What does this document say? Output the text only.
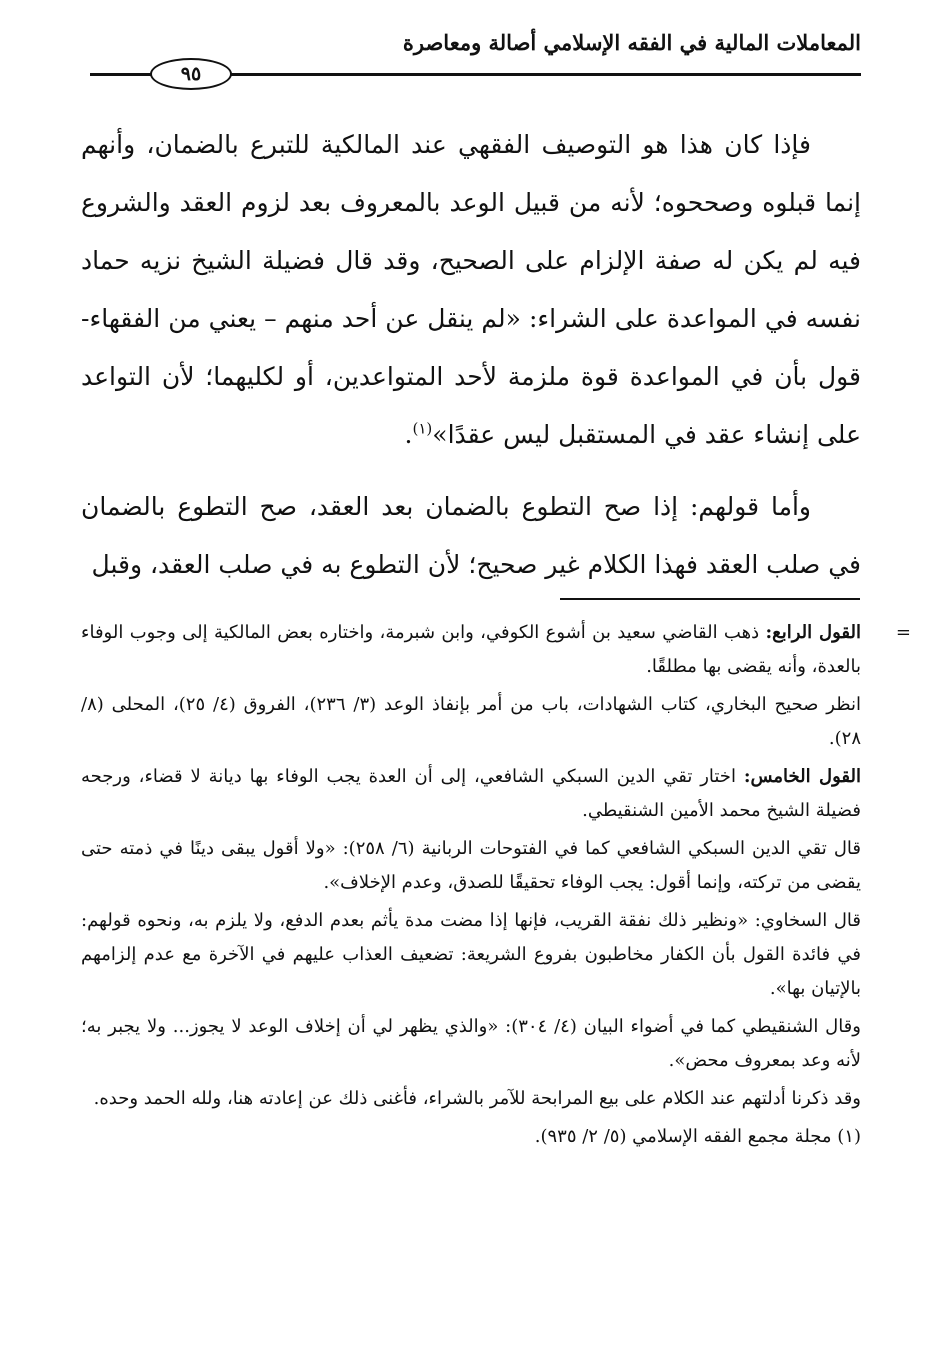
المعاملات المالية في الفقه الإسلامي أصالة ومعاصرة
٩٥

فإذا كان هذا هو التوصيف الفقهي عند المالكية للتبرع بالضمان، وأنهم إنما قبلوه وصححوه؛ لأنه من قبيل الوعد بالمعروف بعد لزوم العقد والشروع فيه لم يكن له صفة الإلزام على الصحيح، وقد قال فضيلة الشيخ نزيه حماد نفسه في المواعدة على الشراء: «لم ينقل عن أحد منهم – يعني من الفقهاء- قول بأن في المواعدة قوة ملزمة لأحد المتواعدين، أو لكليهما؛ لأن التواعد على إنشاء عقد في المستقبل ليس عقدًا»$^{(١)}$.

وأما قولهم: إذا صح التطوع بالضمان بعد العقد، صح التطوع بالضمان في صلب العقد فهذا الكلام غير صحيح؛ لأن التطوع به في صلب العقد، وقبل

=
القول الرابع: ذهب القاضي سعيد بن أشوع الكوفي، وابن شبرمة، واختاره بعض المالكية إلى وجوب الوفاء بالعدة، وأنه يقضى بها مطلقًا.

انظر صحيح البخاري، كتاب الشهادات، باب من أمر بإنفاذ الوعد (٣/ ٢٣٦)، الفروق (٤/ ٢٥)، المحلى (٨/ ٢٨).

القول الخامس: اختار تقي الدين السبكي الشافعي، إلى أن العدة يجب الوفاء بها ديانة لا قضاء، ورجحه فضيلة الشيخ محمد الأمين الشنقيطي.

قال تقي الدين السبكي الشافعي كما في الفتوحات الربانية (٦/ ٢٥٨): «ولا أقول يبقى دينًا في ذمته حتى يقضى من تركته، وإنما أقول: يجب الوفاء تحقيقًا للصدق، وعدم الإخلاف».

قال السخاوي: «ونظير ذلك نفقة القريب، فإنها إذا مضت مدة يأثم بعدم الدفع، ولا يلزم به، ونحوه قولهم: في فائدة القول بأن الكفار مخاطبون بفروع الشريعة: تضعيف العذاب عليهم في الآخرة مع عدم إلزامهم بالإتيان بها».

وقال الشنقيطي كما في أضواء البيان (٤/ ٣٠٤): «والذي يظهر لي أن إخلاف الوعد لا يجوز... ولا يجبر به؛ لأنه وعد بمعروف محض».

وقد ذكرنا أدلتهم عند الكلام على بيع المرابحة للآمر بالشراء، فأغنى ذلك عن إعادته هنا، ولله الحمد وحده.

(١) مجلة مجمع الفقه الإسلامي (٥/ ٢/ ٩٣٥).
